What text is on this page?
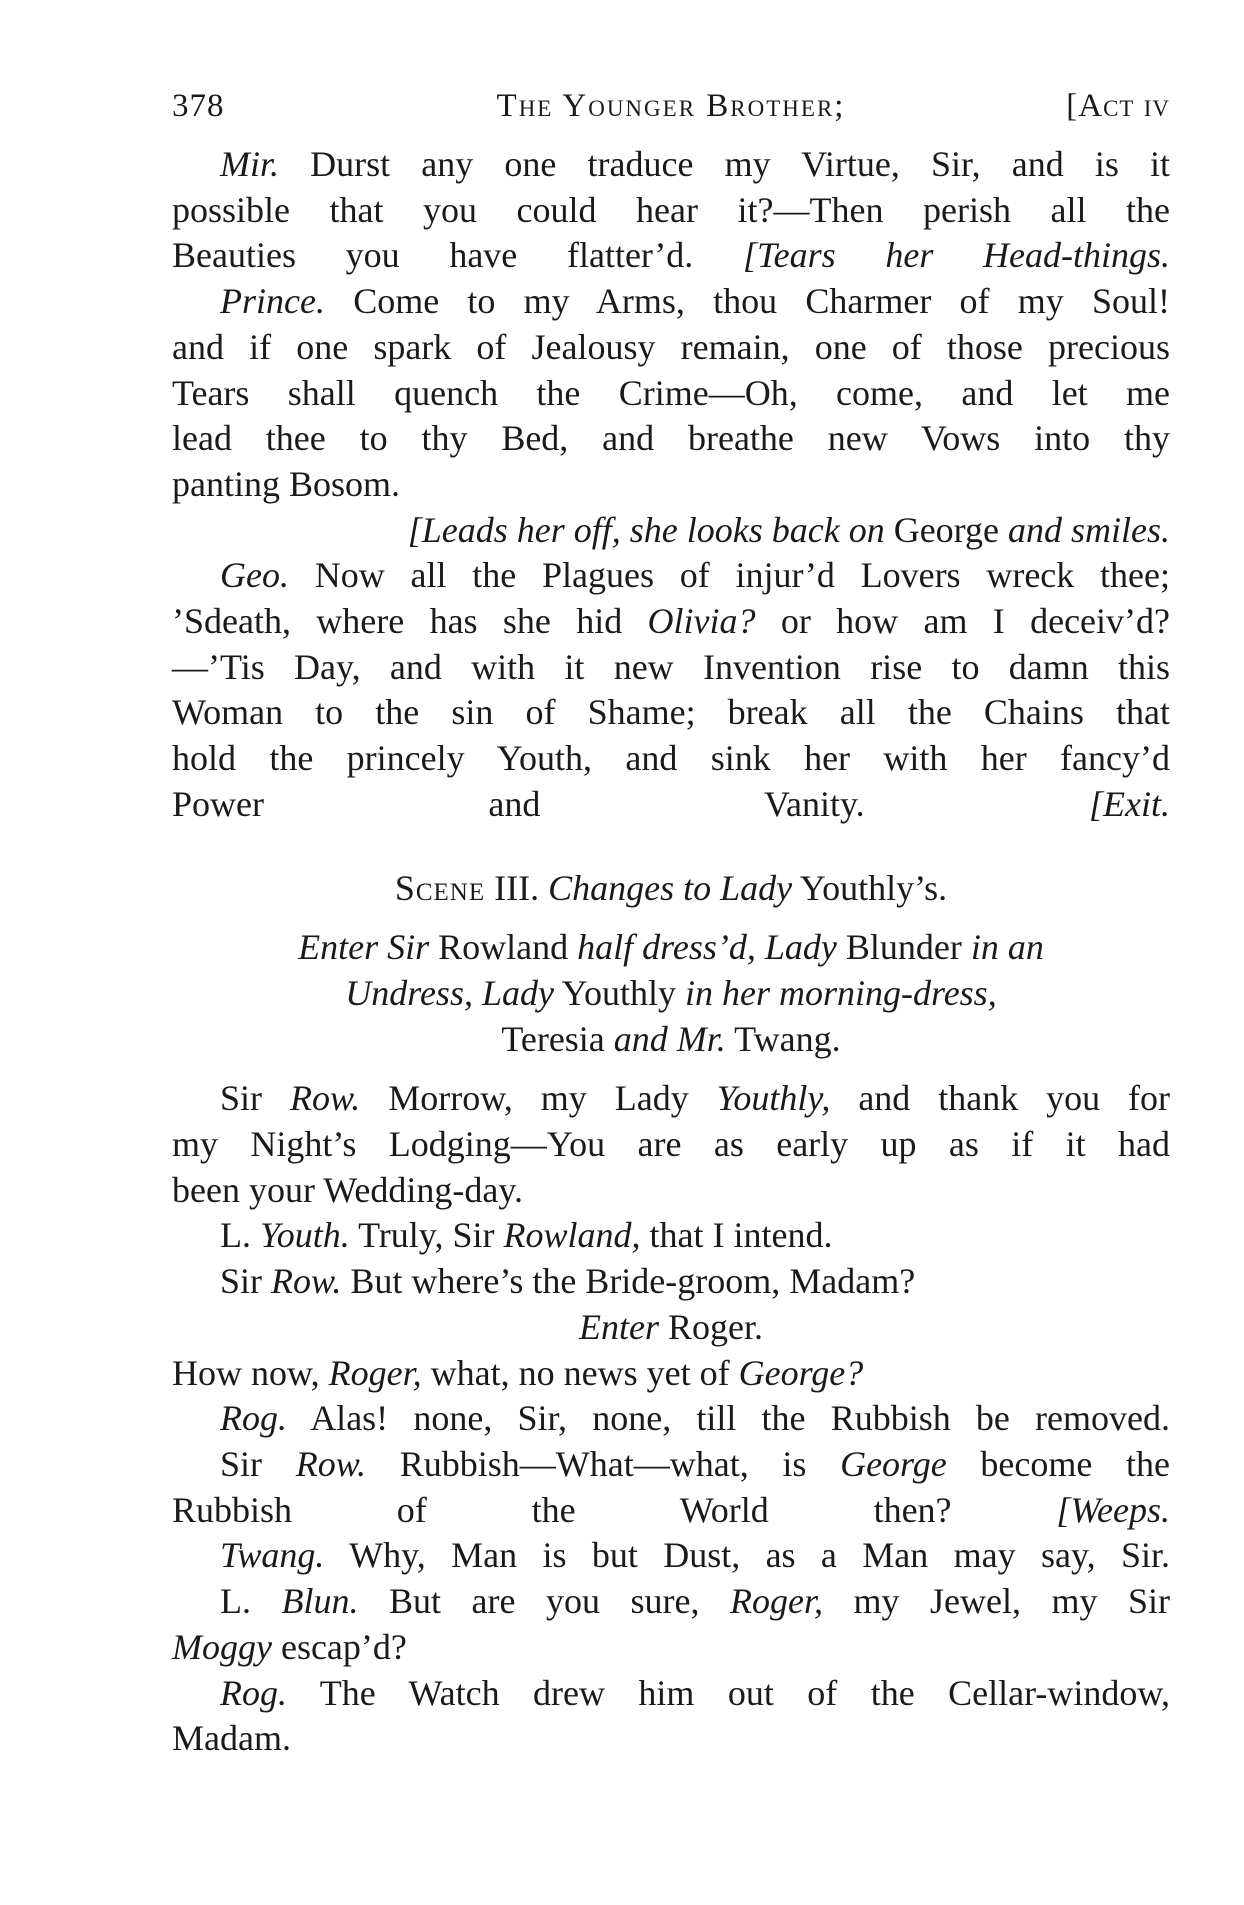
378	The Younger Brother;	[Act iv
Mir. Durst any one traduce my Virtue, Sir, and is it
possible that you could hear it?—Then perish all the
Beauties you have flatter’d. [Tears her Head-things.
Prince. Come to my Arms, thou Charmer of my Soul!
and if one spark of Jealousy remain, one of those precious
Tears shall quench the Crime—Oh, come, and let me
lead thee to thy Bed, and breathe new Vows into thy
panting Bosom.
[Leads her off, she looks back on George and smiles.
Geo. Now all the Plagues of injur’d Lovers wreck thee;
’Sdeath, where has she hid Olivia? or how am I deceiv’d?
—’Tis Day, and with it new Invention rise to damn this
Woman to the sin of Shame; break all the Chains that
hold the princely Youth, and sink her with her fancy’d
Power and Vanity.	[Exit.
Scene III. Changes to Lady Youthly’s.
Enter Sir Rowland half dress’d, Lady Blunder in an
Undress, Lady Youthly in her morning-dress,
Teresia and Mr. Twang.
Sir Row. Morrow, my Lady Youthly, and thank you for
my Night’s Lodging—You are as early up as if it had
been your Wedding-day.
L. Youth. Truly, Sir Rowland, that I intend.
Sir Row. But where’s the Bride-groom, Madam?
Enter Roger.
How now, Roger, what, no news yet of George?
Rog. Alas! none, Sir, none, till the Rubbish be removed.
Sir Row. Rubbish—What—what, is George become the
Rubbish of the World then?	[Weeps.
Twang. Why, Man is but Dust, as a Man may say, Sir.
L. Blun. But are you sure, Roger, my Jewel, my Sir
Moggy escap’d?
Rog. The Watch drew him out of the Cellar-window,
Madam.
